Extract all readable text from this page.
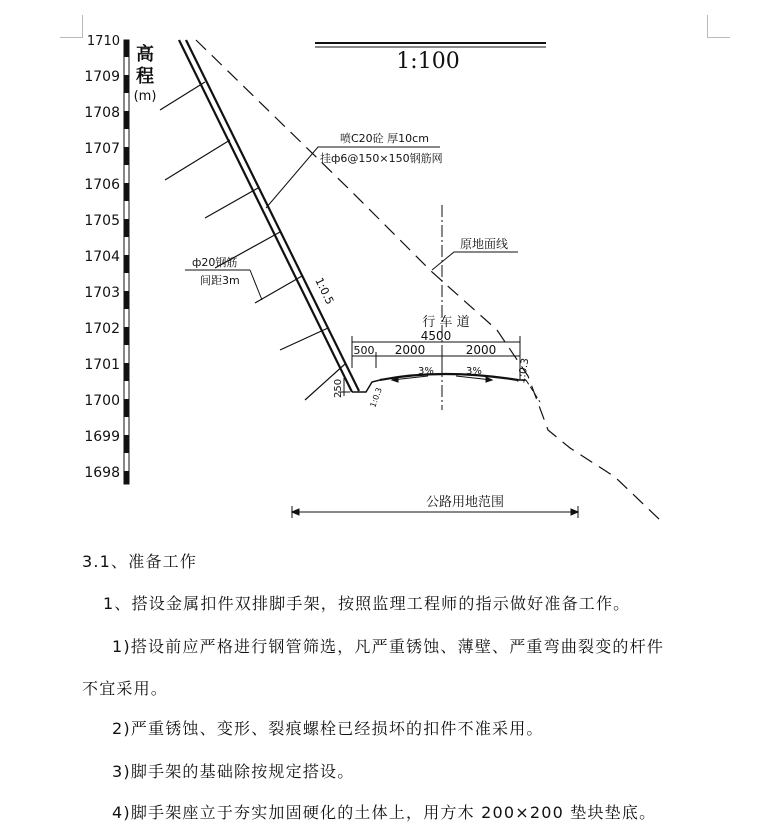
1:100
1710
1709
1708
1707
1706
1705
1704
1703
1702
1701
1700
1699
1698
高
程
(m)
喷C20砼 厚10cm
挂ф6@150×150钢筋网
ф20钢筋
间距3m	1:0.5
原地面线
行 车 道
4500
500 2000	2000
3%	3%	1:0.3
250	1:0.3
公路用地范围

3.1、准备工作

1、搭设金属扣件双排脚手架，按照监理工程师的指示做好准备工作。

1)搭设前应严格进行钢管筛选，凡严重锈蚀、薄壁、严重弯曲裂变的杆件

不宜采用。

2)严重锈蚀、变形、裂痕螺栓已经损坏的扣件不准采用。

3)脚手架的基础除按规定搭设。

4)脚手架座立于夯实加固硬化的土体上，用方木 200×200 垫块垫底。
